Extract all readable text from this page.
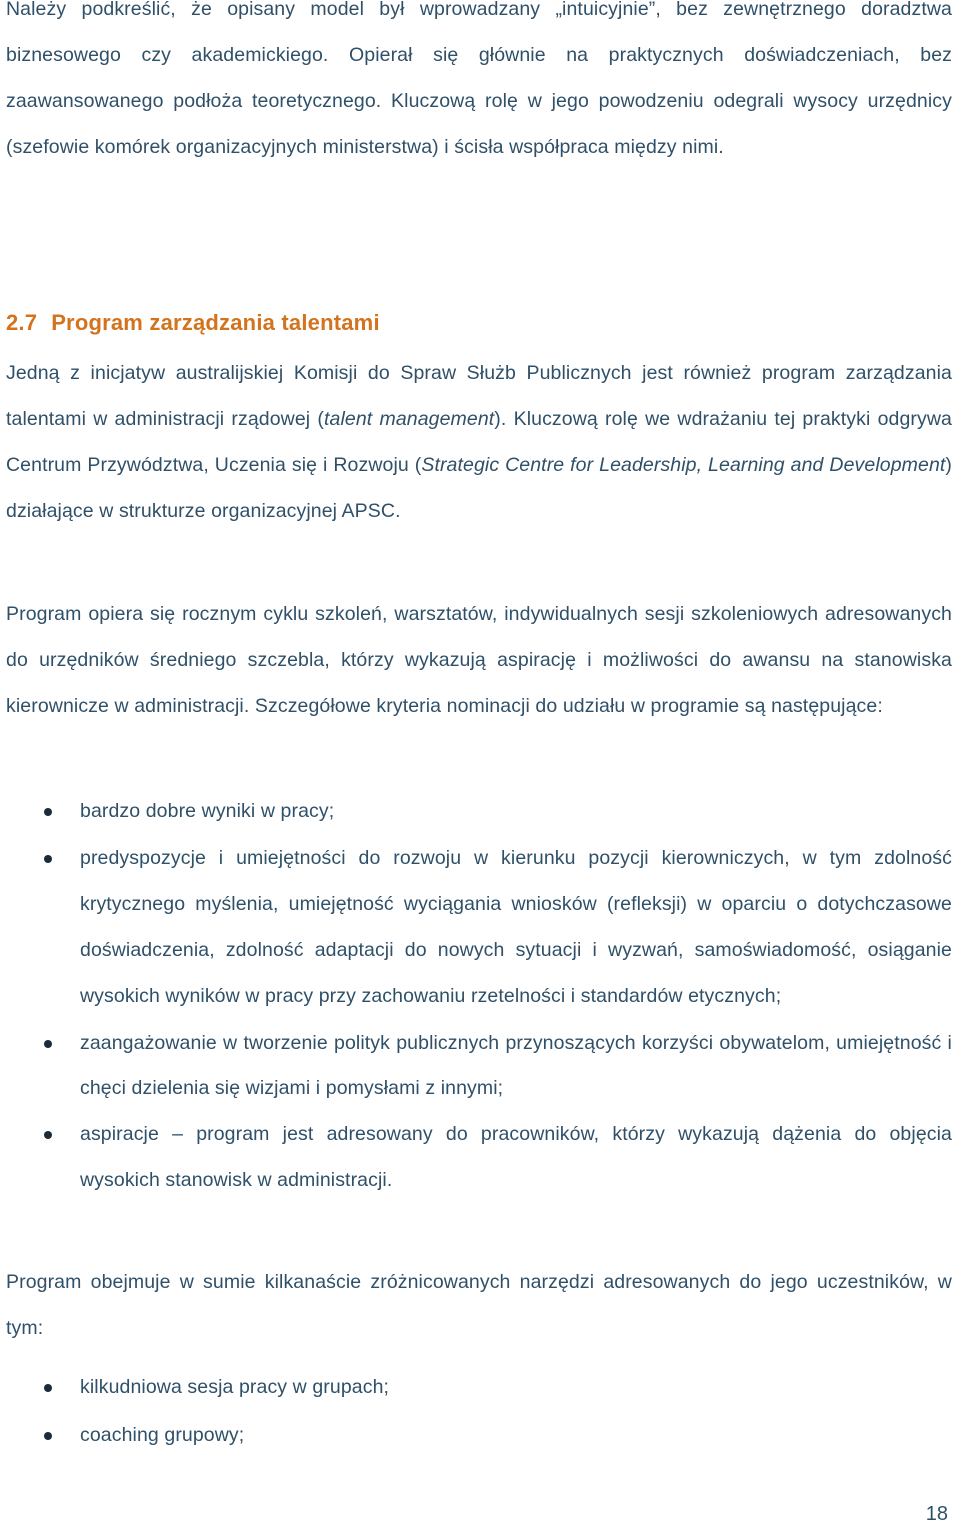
Należy podkreślić, że opisany model był wprowadzany „intuicyjnie”, bez zewnętrznego doradztwa biznesowego czy akademickiego. Opierał się głównie na praktycznych doświadczeniach, bez zaawansowanego podłoża teoretycznego. Kluczową rolę w jego powodzeniu odegrali wysocy urzędnicy (szefowie komórek organizacyjnych ministerstwa) i ścisła współpraca między nimi.

2.7 Program zarządzania talentami

Jedną z inicjatyw australijskiej Komisji do Spraw Służb Publicznych jest również program zarządzania talentami w administracji rządowej (talent management). Kluczową rolę we wdrażaniu tej praktyki odgrywa Centrum Przywództwa, Uczenia się i Rozwoju (Strategic Centre for Leadership, Learning and Development) działające w strukturze organizacyjnej APSC.

Program opiera się rocznym cyklu szkoleń, warsztatów, indywidualnych sesji szkoleniowych adresowanych do urzędników średniego szczebla, którzy wykazują aspirację i możliwości do awansu na stanowiska kierownicze w administracji. Szczegółowe kryteria nominacji do udziału w programie są następujące:

bardzo dobre wyniki w pracy;
predyspozycje i umiejętności do rozwoju w kierunku pozycji kierowniczych, w tym zdolność krytycznego myślenia, umiejętność wyciągania wniosków (refleksji) w oparciu o dotychczasowe doświadczenia, zdolność adaptacji do nowych sytuacji i wyzwań, samoświadomość, osiąganie wysokich wyników w pracy przy zachowaniu rzetelności i standardów etycznych;
zaangażowanie w tworzenie polityk publicznych przynoszących korzyści obywatelom, umiejętność i chęci dzielenia się wizjami i pomysłami z innymi;
aspiracje – program jest adresowany do pracowników, którzy wykazują dążenia do objęcia wysokich stanowisk w administracji.

Program obejmuje w sumie kilkanaście zróżnicowanych narzędzi adresowanych do jego uczestników, w tym:

kilkudniowa sesja pracy w grupach;
coaching grupowy;
18
